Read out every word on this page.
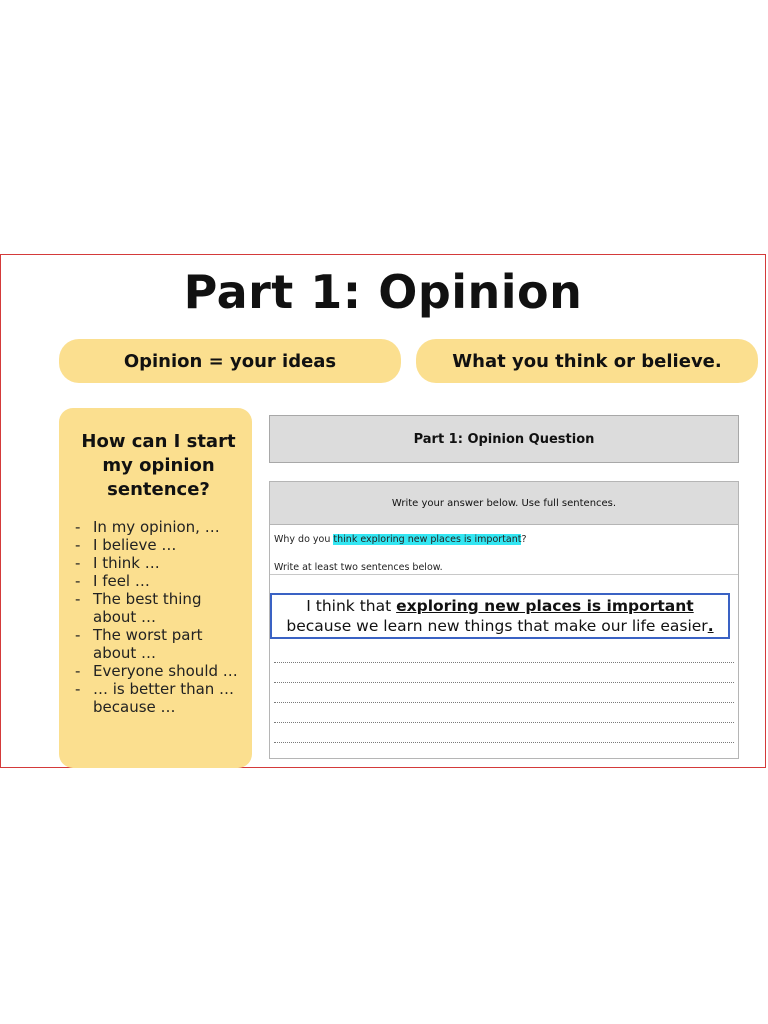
Part 1: Opinion
Opinion = your ideas	What you think or believe.
How can I start my opinion sentence?
- In my opinion, …
- I believe …
- I think …
- I feel …
- The best thing about …
- The worst part about …
- Everyone should …
- … is better than … because …
Part 1: Opinion Question
Write your answer below. Use full sentences.

Why do you think exploring new places is important?

Write at least two sentences below.

I think that exploring new places is important because we learn new things that make our life easier.
